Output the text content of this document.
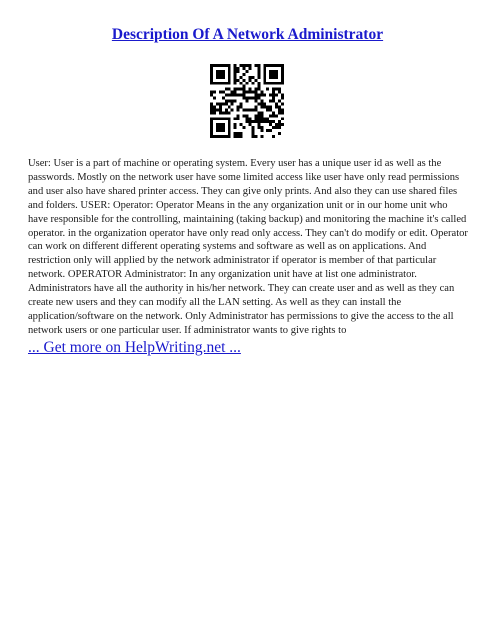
Description Of A Network Administrator
User: User is a part of machine or operating system. Every user has a unique user id as well as the passwords. Mostly on the network user have some limited access like user have only read permissions and user also have shared printer access. They can give only prints. And also they can use shared files and folders. USER: Operator: Operator Means in the any organization unit or in our home unit who have responsible for the controlling, maintaining (taking backup) and monitoring the machine it's called operator. in the organization operator have only read only access. They can't do modify or edit. Operator can work on different different operating systems and software as well as on applications. And restriction only will applied by the network administrator if operator is member of that particular network. OPERATOR Administrator: In any organization unit have at list one administrator. Administrators have all the authority in his/her network. They can create user and as well as they can create new users and they can modify all the LAN setting. As well as they can install the application/software on the network. Only Administrator has permissions to give the access to the all network users or one particular user. If administrator wants to give rights to
... Get more on HelpWriting.net ...
